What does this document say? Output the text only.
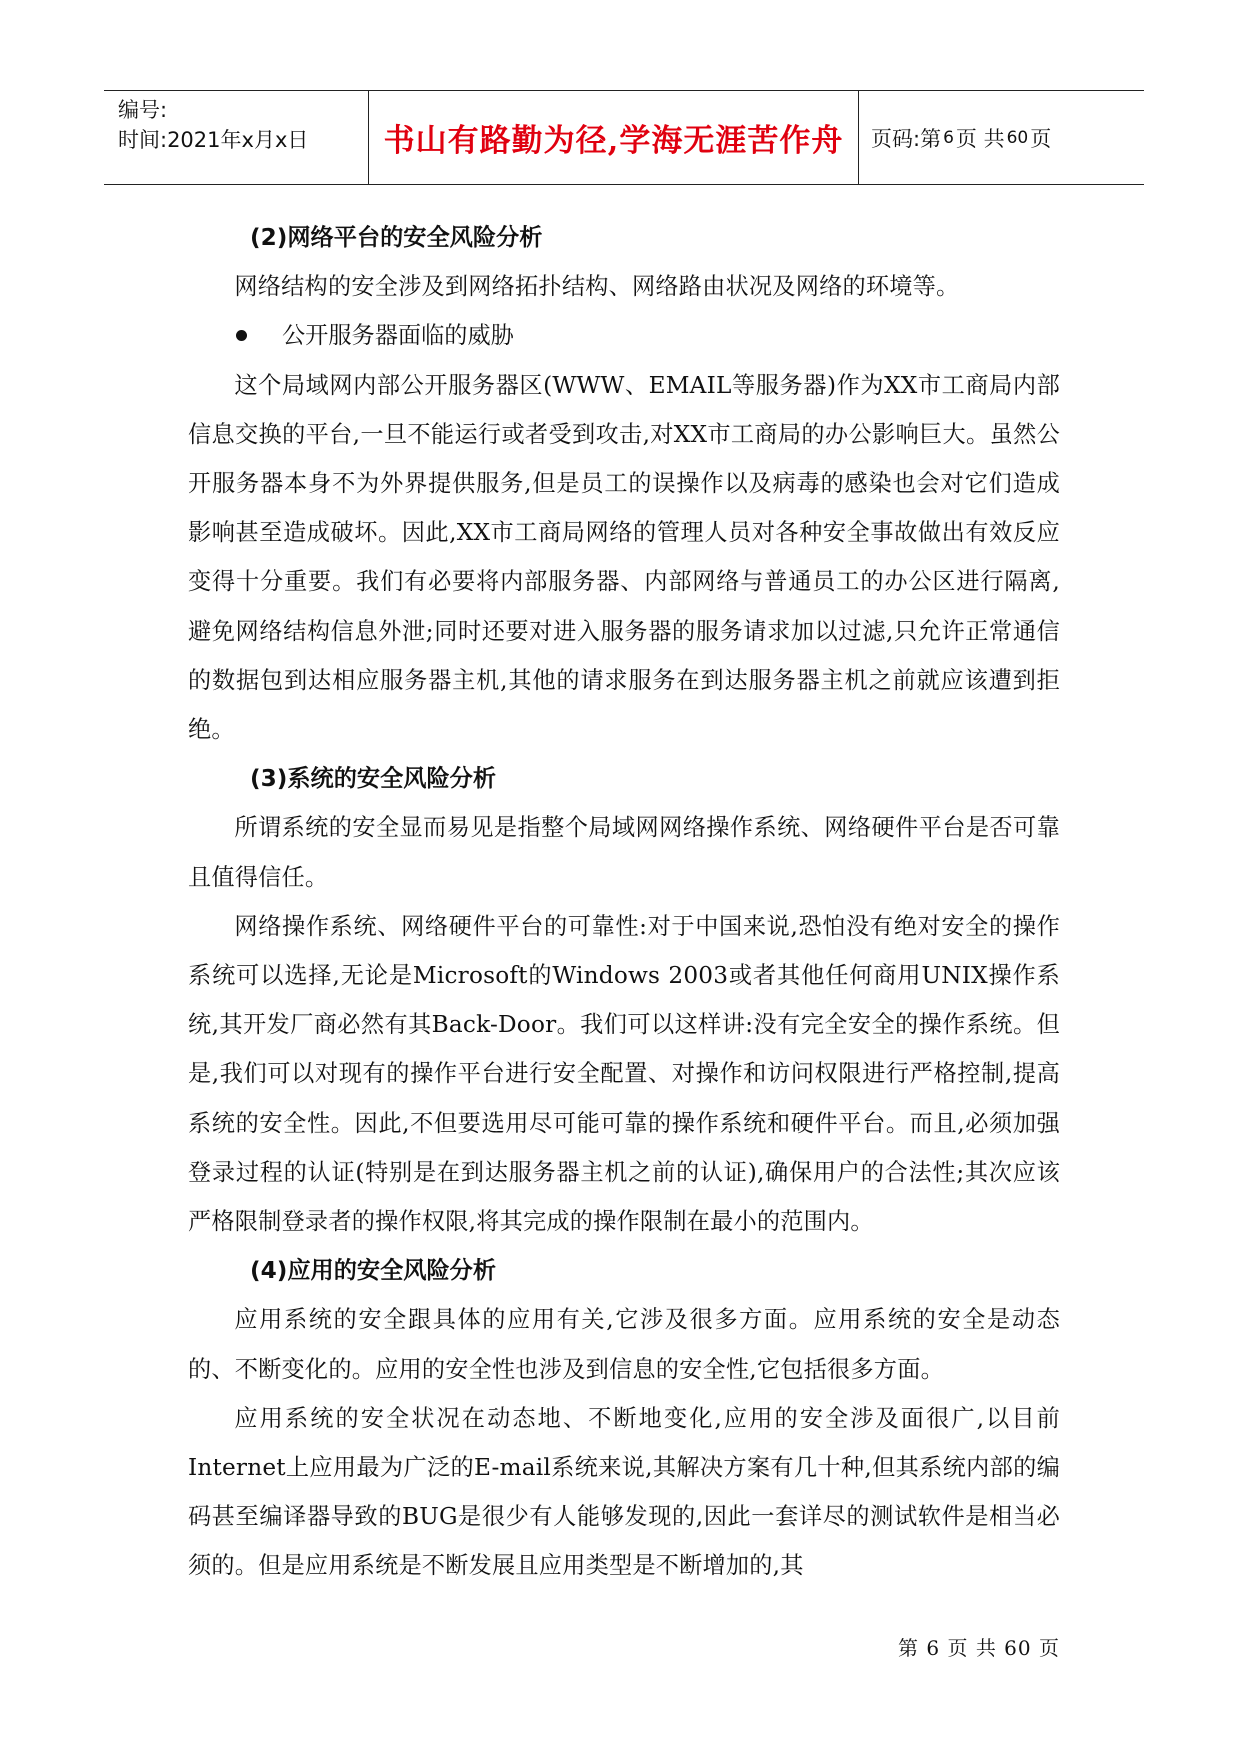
编号:
时间:2021年x月x日	书山有路勤为径,学海无涯苦作舟	页码:第 6 页 共 60 页

(2)网络平台的安全风险分析

网络结构的安全涉及到网络拓扑结构、网络路由状况及网络的环境等。

公开服务器面临的威胁

这个局域网内部公开服务器区(WWW、EMAIL等服务器)作为XX市工商局内部信息交换的平台,一旦不能运行或者受到攻击,对XX市工商局的办公影响巨大。虽然公开服务器本身不为外界提供服务,但是员工的误操作以及病毒的感染也会对它们造成影响甚至造成破坏。因此,XX市工商局网络的管理人员对各种安全事故做出有效反应变得十分重要。我们有必要将内部服务器、内部网络与普通员工的办公区进行隔离,避免网络结构信息外泄;同时还要对进入服务器的服务请求加以过滤,只允许正常通信的数据包到达相应服务器主机,其他的请求服务在到达服务器主机之前就应该遭到拒绝。

(3)系统的安全风险分析

所谓系统的安全显而易见是指整个局域网网络操作系统、网络硬件平台是否可靠且值得信任。

网络操作系统、网络硬件平台的可靠性:对于中国来说,恐怕没有绝对安全的操作系统可以选择,无论是Microsoft的Windows 2003或者其他任何商用UNIX操作系统,其开发厂商必然有其Back-Door。我们可以这样讲:没有完全安全的操作系统。但是,我们可以对现有的操作平台进行安全配置、对操作和访问权限进行严格控制,提高系统的安全性。因此,不但要选用尽可能可靠的操作系统和硬件平台。而且,必须加强登录过程的认证(特别是在到达服务器主机之前的认证),确保用户的合法性;其次应该严格限制登录者的操作权限,将其完成的操作限制在最小的范围内。

(4)应用的安全风险分析

应用系统的安全跟具体的应用有关,它涉及很多方面。应用系统的安全是动态的、不断变化的。应用的安全性也涉及到信息的安全性,它包括很多方面。

应用系统的安全状况在动态地、不断地变化,应用的安全涉及面很广,以目前Internet上应用最为广泛的E-mail系统来说,其解决方案有几十种,但其系统内部的编码甚至编译器导致的BUG是很少有人能够发现的,因此一套详尽的测试软件是相当必须的。但是应用系统是不断发展且应用类型是不断增加的,其

第 6 页 共 60 页
